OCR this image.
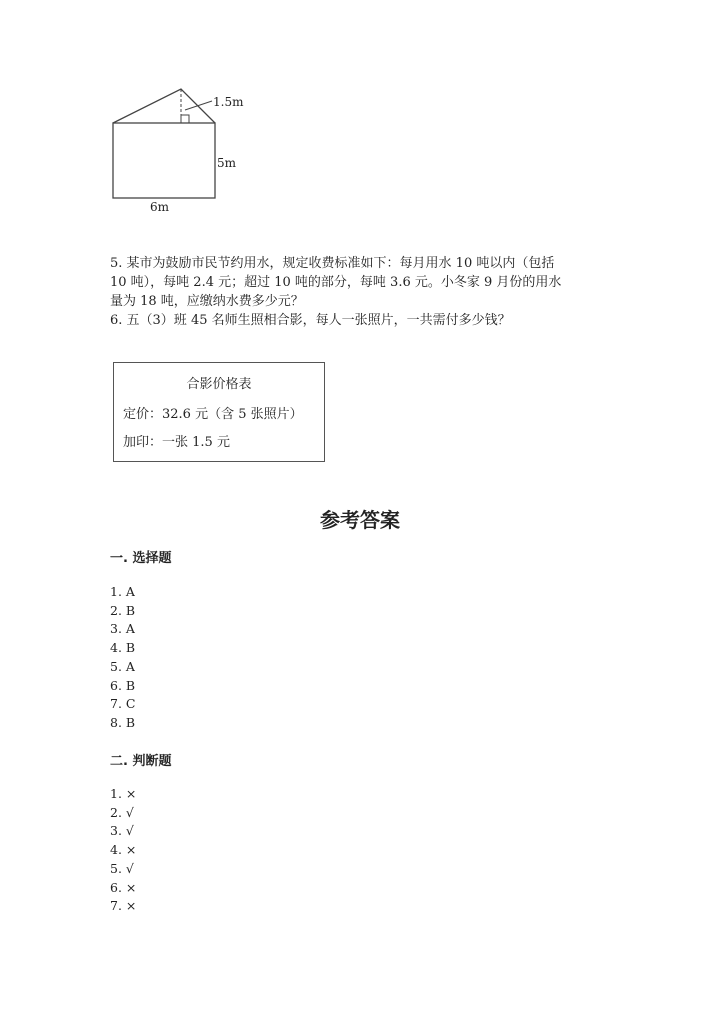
1.5m
5m
6m
5. 某市为鼓励市民节约用水，规定收费标准如下：每月用水 10 吨以内（包括
10 吨），每吨 2.4 元；超过 10 吨的部分，每吨 3.6 元。小冬家 9 月份的用水
量为 18 吨，应缴纳水费多少元？
6. 五（3）班 45 名师生照相合影，每人一张照片，一共需付多少钱？
合影价格表
定价：32.6 元（含 5 张照片）
加印：一张 1.5 元
参考答案
一. 选择题
1. A
2. B
3. A
4. B
5. A
6. B
7. C
8. B
二. 判断题
1. ×
2. √
3. √
4. ×
5. √
6. ×
7. ×
